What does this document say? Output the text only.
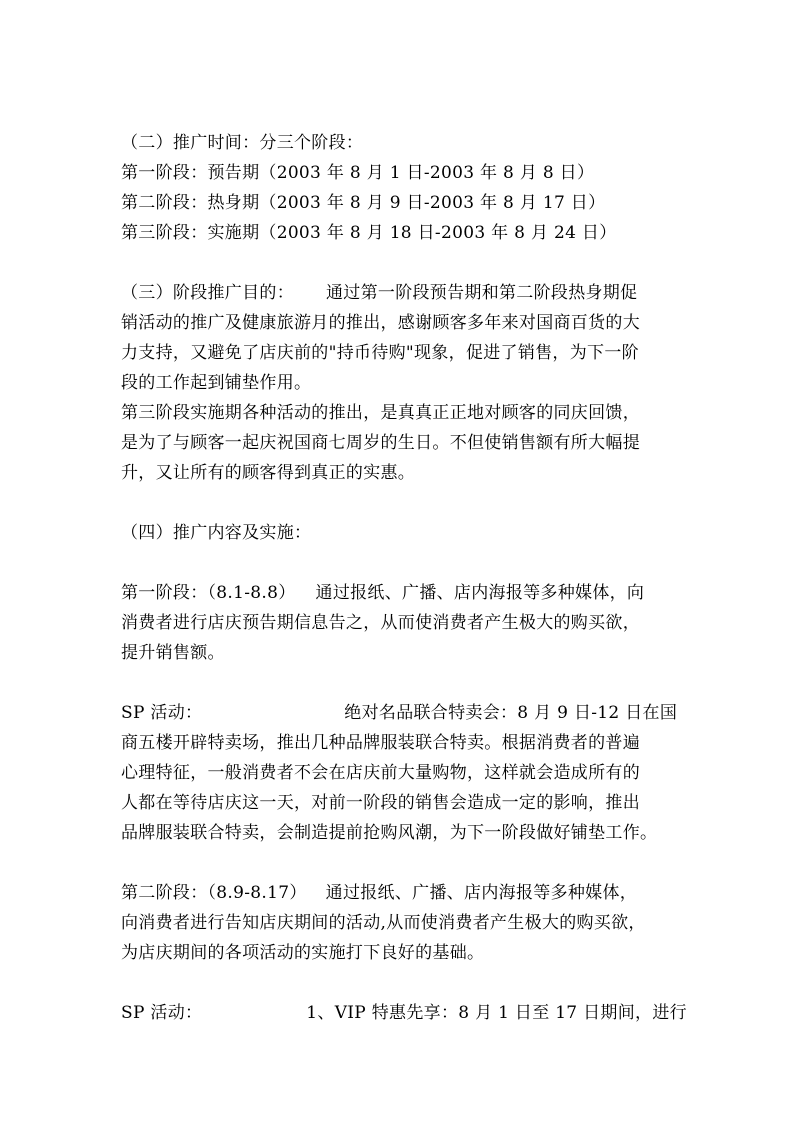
（二）推广时间：分三个阶段：
第一阶段：预告期（2003 年 8 月 1 日-2003 年 8 月 8 日）
第二阶段：热身期（2003 年 8 月 9 日-2003 年 8 月 17 日）
第三阶段：实施期（2003 年 8 月 18 日-2003 年 8 月 24 日）
（三）阶段推广目的： 通过第一阶段预告期和第二阶段热身期促
销活动的推广及健康旅游月的推出，感谢顾客多年来对国商百货的大
力支持，又避免了店庆前的"持币待购"现象，促进了销售，为下一阶
段的工作起到铺垫作用。
第三阶段实施期各种活动的推出，是真真正正地对顾客的同庆回馈，
是为了与顾客一起庆祝国商七周岁的生日。不但使销售额有所大幅提
升，又让所有的顾客得到真正的实惠。
（四）推广内容及实施：
第一阶段：（8.1-8.8） 通过报纸、广播、店内海报等多种媒体，向
消费者进行店庆预告期信息告之，从而使消费者产生极大的购买欲，
提升销售额。
SP 活动：	绝对名品联合特卖会：8 月 9 日-12 日在国
商五楼开辟特卖场，推出几种品牌服装联合特卖。根据消费者的普遍
心理特征，一般消费者不会在店庆前大量购物，这样就会造成所有的
人都在等待店庆这一天，对前一阶段的销售会造成一定的影响，推出
品牌服装联合特卖，会制造提前抢购风潮，为下一阶段做好铺垫工作。
第二阶段：（8.9-8.17） 通过报纸、广播、店内海报等多种媒体，
向消费者进行告知店庆期间的活动,从而使消费者产生极大的购买欲，
为店庆期间的各项活动的实施打下良好的基础。
SP 活动：	1、VIP 特惠先享：8 月 1 日至 17 日期间，进行
